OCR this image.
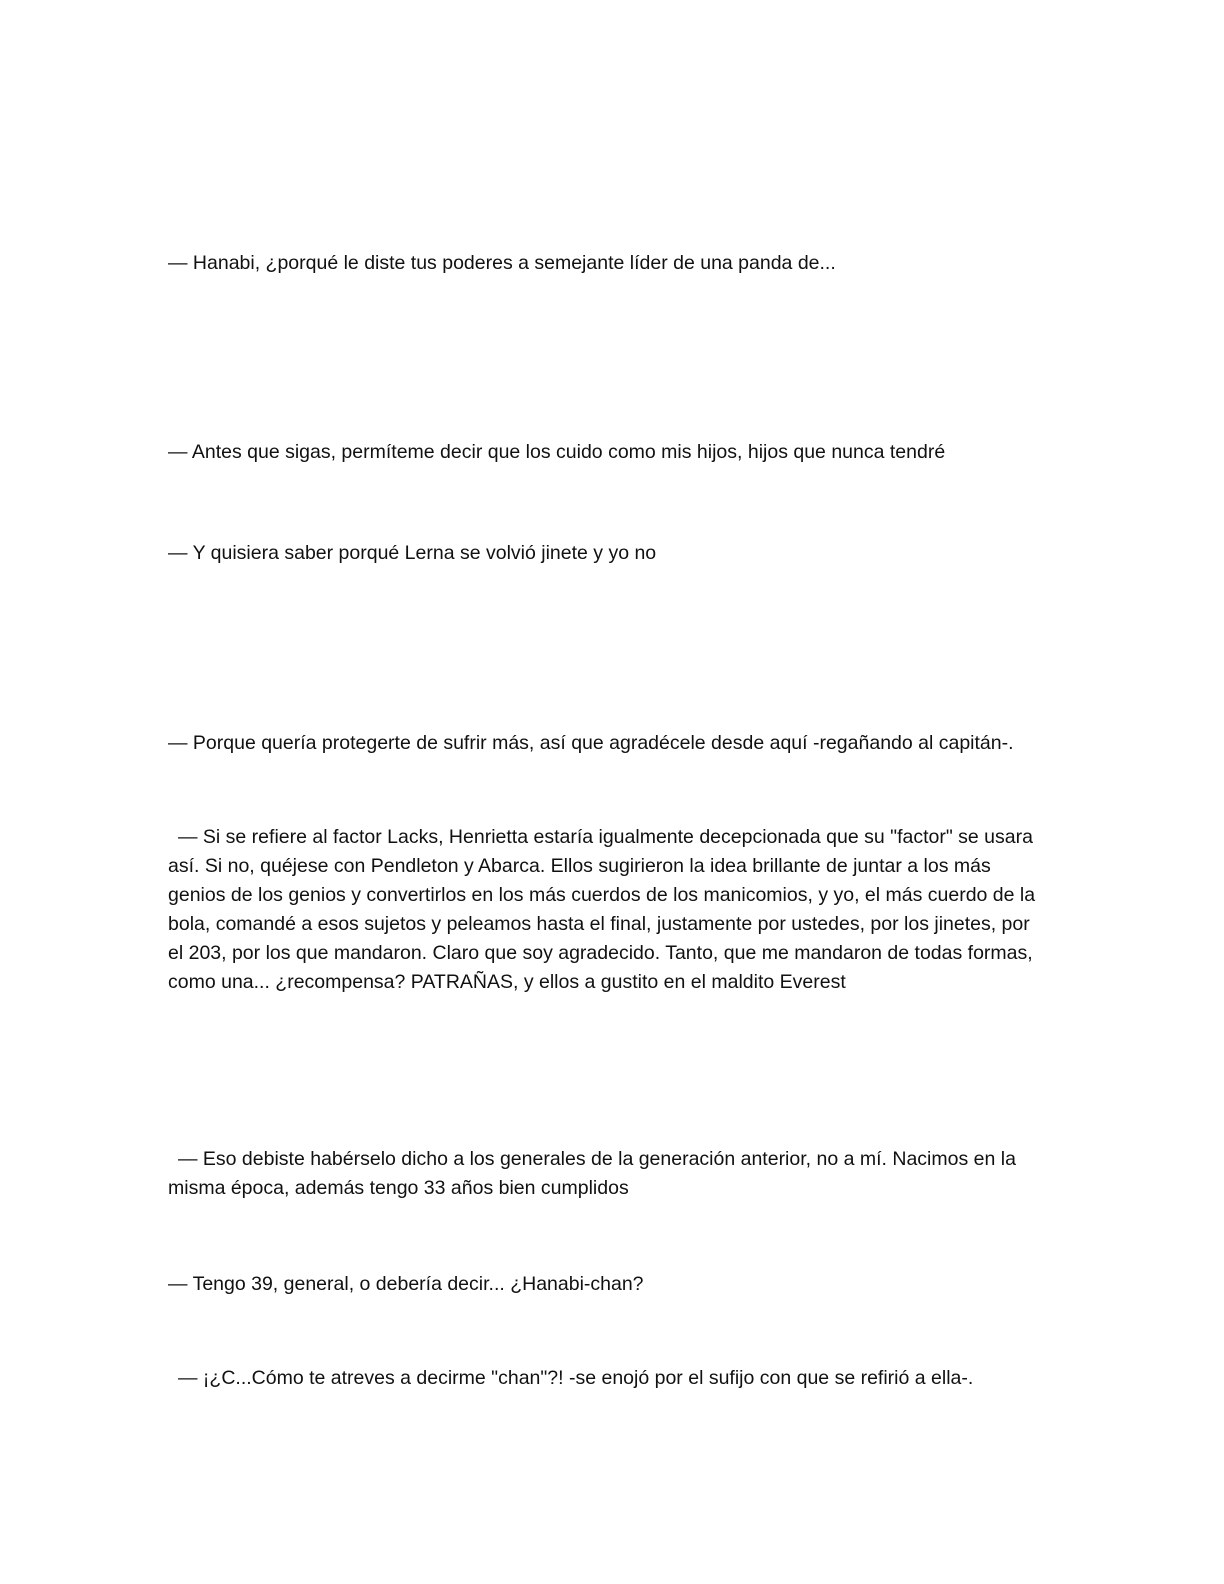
— Hanabi, ¿porqué le diste tus poderes a semejante líder de una panda de...

— Antes que sigas, permíteme decir que los cuido como mis hijos, hijos que nunca tendré

— Y quisiera saber porqué Lerna se volvió jinete y yo no

— Porque quería protegerte de sufrir más, así que agradécele desde aquí -regañando al capitán-.

— Si se refiere al factor Lacks, Henrietta estaría igualmente decepcionada que su "factor" se usara así. Si no, quéjese con Pendleton y Abarca. Ellos sugirieron la idea brillante de juntar a los más genios de los genios y convertirlos en los más cuerdos de los manicomios, y yo, el más cuerdo de la bola, comandé a esos sujetos y peleamos hasta el final, justamente por ustedes, por los jinetes, por el 203, por los que mandaron. Claro que soy agradecido. Tanto, que me mandaron de todas formas, como una... ¿recompensa? PATRAÑAS, y ellos a gustito en el maldito Everest

— Eso debiste habérselo dicho a los generales de la generación anterior, no a mí. Nacimos en la misma época, además tengo 33 años bien cumplidos

— Tengo 39, general, o debería decir... ¿Hanabi-chan?

— ¡¿C...Cómo te atreves a decirme "chan"?! -se enojó por el sufijo con que se refirió a ella-.
